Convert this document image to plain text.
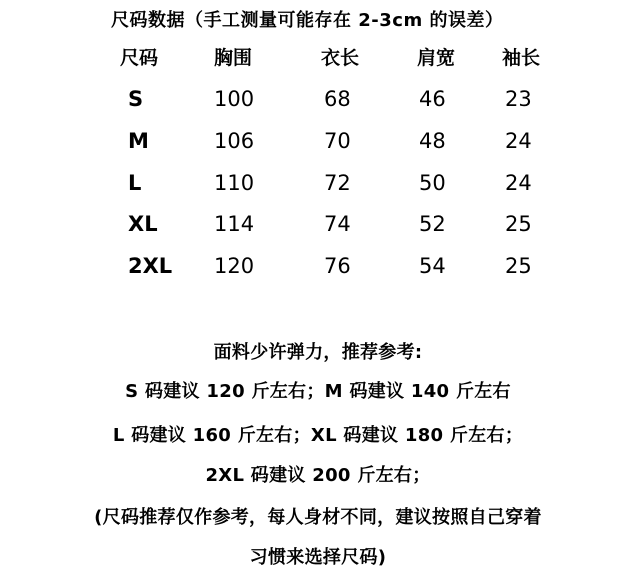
尺码数据（手工测量可能存在 2-3cm 的误差）
尺码	胸围	衣长	肩宽 袖长
S	100	68	46	23
M	106	70	48	24
L	110	72	50	24
XL	114	74	52	25
2XL 120	76	54	25
面料少许弹力，推荐参考:
S 码建议 120 斤左右；M 码建议 140 斤左右
L 码建议 160 斤左右；XL 码建议 180 斤左右；
2XL 码建议 200 斤左右；
(尺码推荐仅作参考，每人身材不同，建议按照自己穿着
习惯来选择尺码)
